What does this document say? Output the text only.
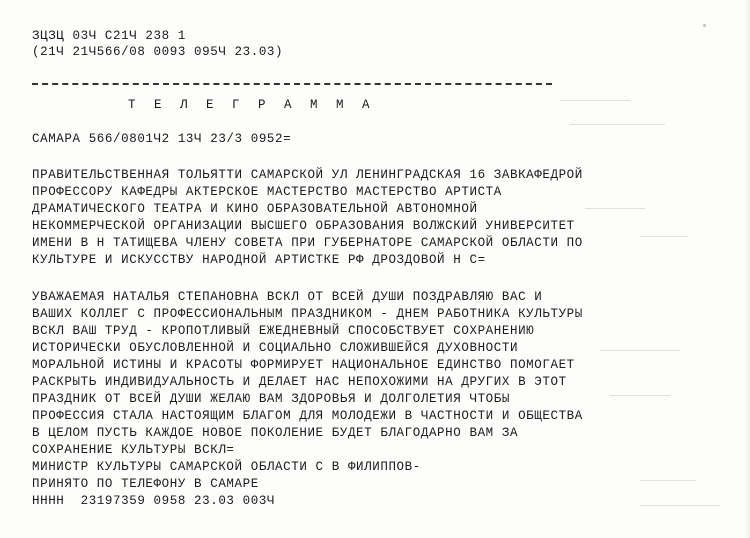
ЗЦЗЦ 03Ч С21Ч 238 1
(21Ч 21Ч566/08 0093 095Ч 23.03)
Т Е Л Е Г Р А М М А
САМАРА 566/0801Ч2 13Ч 23/3 0952=
ПРАВИТЕЛЬСТВЕННАЯ ТОЛЬЯТТИ САМАРСКОЙ УЛ ЛЕНИНГРАДСКАЯ 16 ЗАВКАФЕДРОЙ
ПРОФЕССОРУ КАФЕДРЫ АКТЕРСКОЕ МАСТЕРСТВО МАСТЕРСТВО АРТИСТА
ДРАМАТИЧЕСКОГО ТЕАТРА И КИНО ОБРАЗОВАТЕЛЬНОЙ АВТОНОМНОЙ
НЕКОММЕРЧЕСКОЙ ОРГАНИЗАЦИИ ВЫСШЕГО ОБРАЗОВАНИЯ ВОЛЖСКИЙ УНИВЕРСИТЕТ
ИМЕНИ В Н ТАТИЩЕВА ЧЛЕНУ СОВЕТА ПРИ ГУБЕРНАТОРЕ САМАРСКОЙ ОБЛАСТИ ПО
КУЛЬТУРЕ И ИСКУССТВУ НАРОДНОЙ АРТИСТКЕ РФ ДРОЗДОВОЙ Н С=
УВАЖАЕМАЯ НАТАЛЬЯ СТЕПАНОВНА ВСКЛ ОТ ВСЕЙ ДУШИ ПОЗДРАВЛЯЮ ВАС И
ВАШИХ КОЛЛЕГ С ПРОФЕССИОНАЛЬНЫМ ПРАЗДНИКОМ - ДНЕМ РАБОТНИКА КУЛЬТУРЫ
ВСКЛ ВАШ ТРУД - КРОПОТЛИВЫЙ ЕЖЕДНЕВНЫЙ СПОСОБСТВУЕТ СОХРАНЕНИЮ
ИСТОРИЧЕСКИ ОБУСЛОВЛЕННОЙ И СОЦИАЛЬНО СЛОЖИВШЕЙСЯ ДУХОВНОСТИ
МОРАЛЬНОЙ ИСТИНЫ И КРАСОТЫ ФОРМИРУЕТ НАЦИОНАЛЬНОЕ ЕДИНСТВО ПОМОГАЕТ
РАСКРЫТЬ ИНДИВИДУАЛЬНОСТЬ И ДЕЛАЕТ НАС НЕПОХОЖИМИ НА ДРУГИХ В ЭТОТ
ПРАЗДНИК ОТ ВСЕЙ ДУШИ ЖЕЛАЮ ВАМ ЗДОРОВЬЯ И ДОЛГОЛЕТИЯ ЧТОБЫ
ПРОФЕССИЯ СТАЛА НАСТОЯЩИМ БЛАГОМ ДЛЯ МОЛОДЕЖИ В ЧАСТНОСТИ И ОБЩЕСТВА
В ЦЕЛОМ ПУСТЬ КАЖДОЕ НОВОЕ ПОКОЛЕНИЕ БУДЕТ БЛАГОДАРНО ВАМ ЗА
СОХРАНЕНИЕ КУЛЬТУРЫ ВСКЛ=
МИНИСТР КУЛЬТУРЫ САМАРСКОЙ ОБЛАСТИ С В ФИЛИППОВ-
ПРИНЯТО ПО ТЕЛЕФОНУ В САМАРЕ
НННН  23197359 0958 23.03 003Ч
